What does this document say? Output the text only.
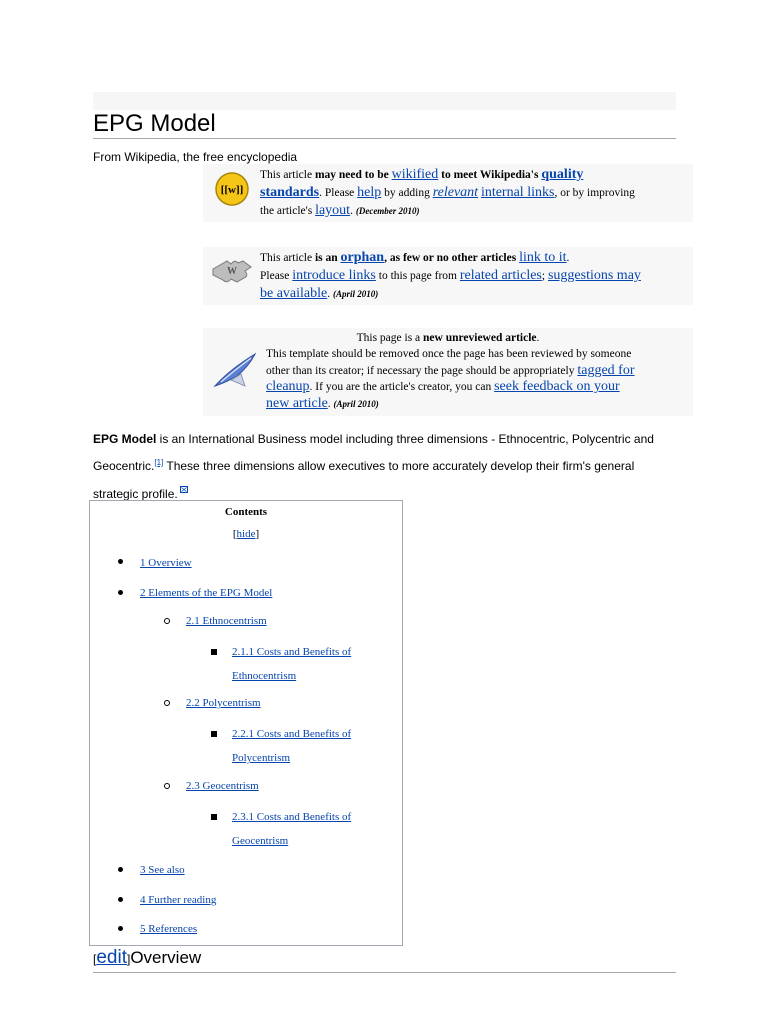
EPG Model
From Wikipedia, the free encyclopedia
[[w]]
This article may need to be wikified to meet Wikipedia's quality
standards. Please help by adding relevant internal links, or by improving
the article's layout. (December 2010)
W
This article is an orphan, as few or no other articles link to it.
Please introduce links to this page from related articles; suggestions may
be available. (April 2010)
This page is a new unreviewed article.
This template should be removed once the page has been reviewed by someone
other than its creator; if necessary the page should be appropriately tagged for
cleanup. If you are the article's creator, you can seek feedback on your
new article. (April 2010)
EPG Model is an International Business model including three dimensions - Ethnocentric, Polycentric and
Geocentric.[1] These three dimensions allow executives to more accurately develop their firm's general
strategic profile.
Contents
[hide]
1 Overview
2 Elements of the EPG Model
2.1 Ethnocentrism
2.1.1 Costs and Benefits of
Ethnocentrism
2.2 Polycentrism
2.2.1 Costs and Benefits of
Polycentrism
2.3 Geocentrism
2.3.1 Costs and Benefits of
Geocentrism
3 See also
4 Further reading
5 References
[edit]Overview
